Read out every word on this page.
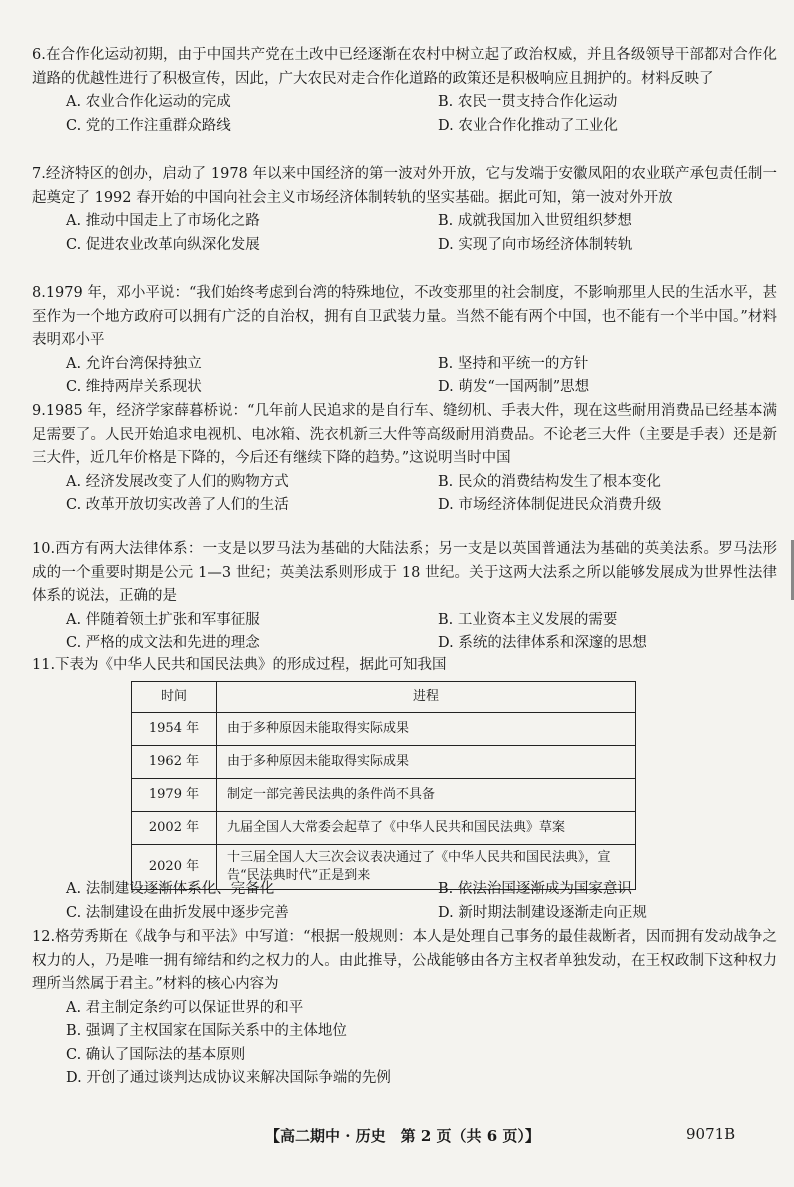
6.在合作化运动初期，由于中国共产党在土改中已经逐渐在农村中树立起了政治权威，并且各级领导干部都对合作化道路的优越性进行了积极宣传，因此，广大农民对走合作化道路的政策还是积极响应且拥护的。材料反映了

A. 农业合作化运动的完成	B. 农民一贯支持合作化运动
C. 党的工作注重群众路线	D. 农业合作化推动了工业化

7.经济特区的创办，启动了 1978 年以来中国经济的第一波对外开放，它与发端于安徽凤阳的农业联产承包责任制一起奠定了 1992 春开始的中国向社会主义市场经济体制转轨的坚实基础。据此可知，第一波对外开放

A. 推动中国走上了市场化之路	B. 成就我国加入世贸组织梦想
C. 促进农业改革向纵深化发展	D. 实现了向市场经济体制转轨

8.1979 年，邓小平说：“我们始终考虑到台湾的特殊地位，不改变那里的社会制度，不影响那里人民的生活水平，甚至作为一个地方政府可以拥有广泛的自治权，拥有自卫武装力量。当然不能有两个中国，也不能有一个半中国。”材料表明邓小平

A. 允许台湾保持独立	B. 坚持和平统一的方针
C. 维持两岸关系现状	D. 萌发“一国两制”思想

9.1985 年，经济学家薛暮桥说：“几年前人民追求的是自行车、缝纫机、手表大件，现在这些耐用消费品已经基本满足需要了。人民开始追求电视机、电冰箱、洗衣机新三大件等高级耐用消费品。不论老三大件（主要是手表）还是新三大件，近几年价格是下降的，今后还有继续下降的趋势。”这说明当时中国

A. 经济发展改变了人们的购物方式	B. 民众的消费结构发生了根本变化
C. 改革开放切实改善了人们的生活	D. 市场经济体制促进民众消费升级

10.西方有两大法律体系：一支是以罗马法为基础的大陆法系；另一支是以英国普通法为基础的英美法系。罗马法形成的一个重要时期是公元 1—3 世纪；英美法系则形成于 18 世纪。关于这两大法系之所以能够发展成为世界性法律体系的说法，正确的是

A. 伴随着领土扩张和军事征服	B. 工业资本主义发展的需要
C. 严格的成文法和先进的理念	D. 系统的法律体系和深邃的思想

11.下表为《中华人民共和国民法典》的形成过程，据此可知我国

时间	进程
1954 年	由于多种原因未能取得实际成果
1962 年	由于多种原因未能取得实际成果
1979 年	制定一部完善民法典的条件尚不具备
2002 年	九届全国人大常委会起草了《中华人民共和国民法典》草案
2020 年	十三届全国人大三次会议表决通过了《中华人民共和国民法典》，宣告“民法典时代”正是到来
A. 法制建设逐渐体系化、完备化	B. 依法治国逐渐成为国家意识
C. 法制建设在曲折发展中逐步完善	D. 新时期法制建设逐渐走向正规

12.格劳秀斯在《战争与和平法》中写道：“根据一般规则：本人是处理自己事务的最佳裁断者，因而拥有发动战争之权力的人，乃是唯一拥有缔结和约之权力的人。由此推导，公战能够由各方主权者单独发动，在王权政制下这种权力理所当然属于君主。”材料的核心内容为

A. 君主制定条约可以保证世界的和平
B. 强调了主权国家在国际关系中的主体地位
C. 确认了国际法的基本原则
D. 开创了通过谈判达成协议来解决国际争端的先例
【高二期中 · 历史　第 2 页（共 6 页）】	9071B
